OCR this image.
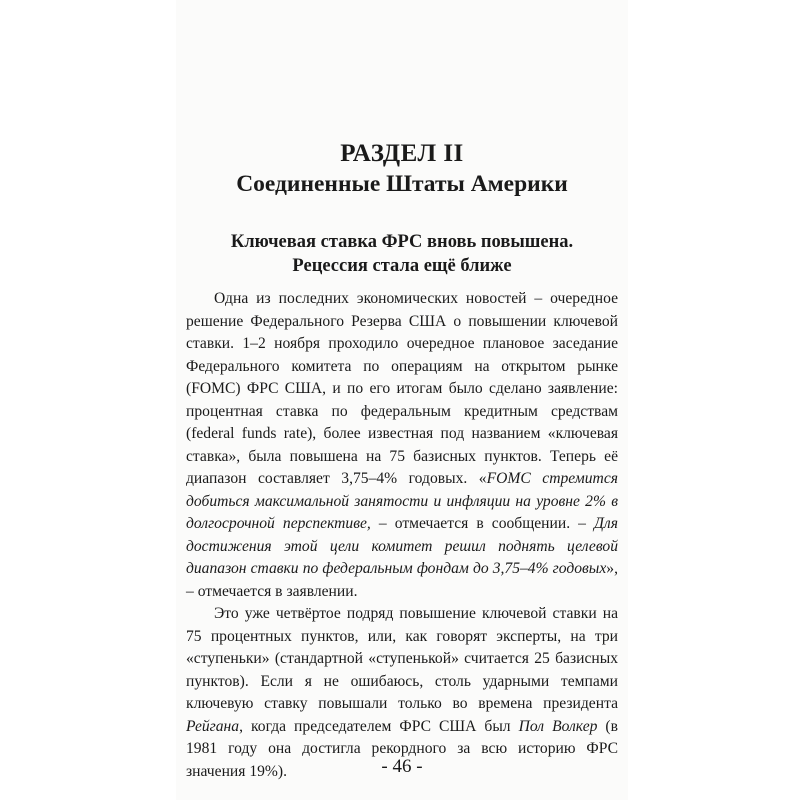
РАЗДЕЛ II
Соединенные Штаты Америки
Ключевая ставка ФРС вновь повышена.
Рецессия стала ещё ближе

Одна из последних экономических новостей – очередное решение Федерального Резерва США о повышении ключевой ставки. 1–2 ноября проходило очередное плановое заседание Федерального комитета по операциям на открытом рынке (FOMC) ФРС США, и по его итогам было сделано заявление: процентная ставка по федеральным кредитным средствам (federal funds rate), более известная под названием «ключевая ставка», была повышена на 75 базисных пунктов. Теперь её диапазон составляет 3,75–4% годовых. «FOMC стремится добиться максимальной занятости и инфляции на уровне 2% в долгосрочной перспективе, – отмечается в сообщении. – Для достижения этой цели комитет решил поднять целевой диапазон ставки по федеральным фондам до 3,75–4% годовых», – отмечается в заявлении.

Это уже четвёртое подряд повышение ключевой ставки на 75 процентных пунктов, или, как говорят эксперты, на три «ступеньки» (стандартной «ступенькой» считается 25 базисных пунктов). Если я не ошибаюсь, столь ударными темпами ключевую ставку повышали только во времена президента Рейгана, когда председателем ФРС США был Пол Волкер (в 1981 году она достигла рекордного за всю историю ФРС значения 19%).	- 46 -
